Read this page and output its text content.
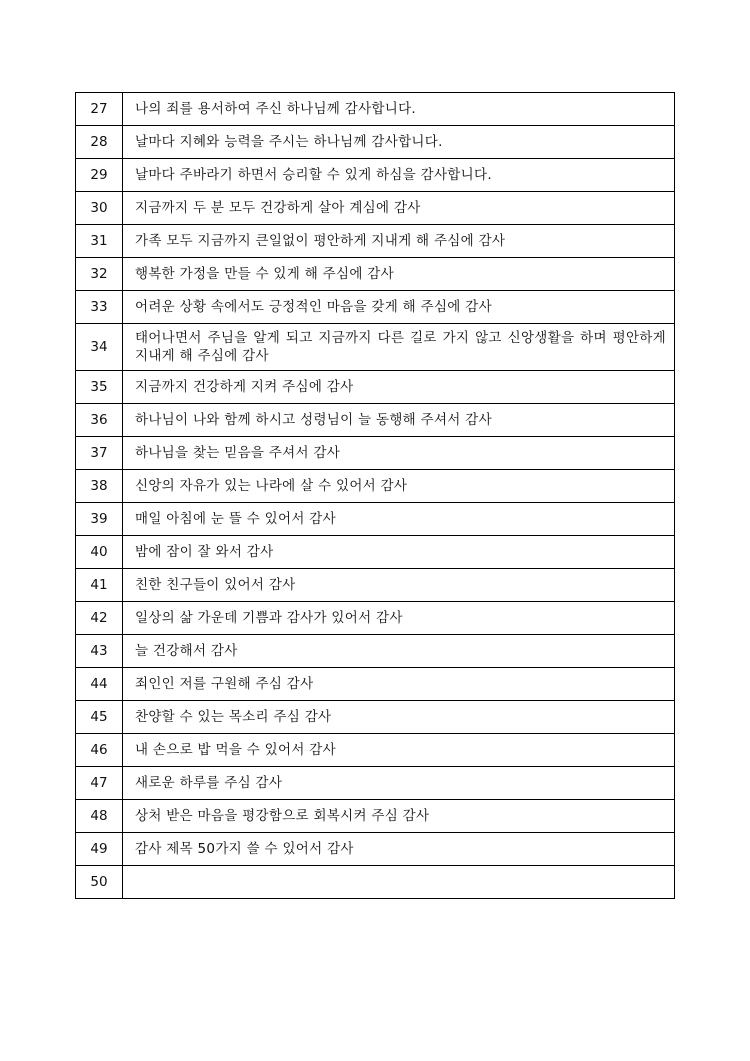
27	나의 죄를 용서하여 주신 하나님께 감사합니다.
28	날마다 지혜와 능력을 주시는 하나님께 감사합니다.
29	날마다 주바라기 하면서 승리할 수 있게 하심을 감사합니다.
30	지금까지 두 분 모두 건강하게 살아 계심에 감사
31	가족 모두 지금까지 큰일없이 평안하게 지내게 해 주심에 감사
32	행복한 가정을 만들 수 있게 해 주심에 감사
33	어려운 상황 속에서도 긍정적인 마음을 갖게 해 주심에 감사
34	태어나면서 주님을 알게 되고 지금까지 다른 길로 가지 않고 신앙생활을 하며 평안하게 지내게 해 주심에 감사
35	지금까지 건강하게 지켜 주심에 감사
36	하나님이 나와 함께 하시고 성령님이 늘 동행해 주셔서 감사
37	하나님을 찾는 믿음을 주셔서 감사
38	신앙의 자유가 있는 나라에 살 수 있어서 감사
39	매일 아침에 눈 뜰 수 있어서 감사
40	밤에 잠이 잘 와서 감사
41	친한 친구들이 있어서 감사
42	일상의 삶 가운데 기쁨과 감사가 있어서 감사
43	늘 건강해서 감사
44	죄인인 저를 구원해 주심 감사
45	찬양할 수 있는 목소리 주심 감사
46	내 손으로 밥 먹을 수 있어서 감사
47	새로운 하루를 주심 감사
48	상처 받은 마음을 평강함으로 회복시켜 주심 감사
49	감사 제목 50가지 쓸 수 있어서 감사
50	
